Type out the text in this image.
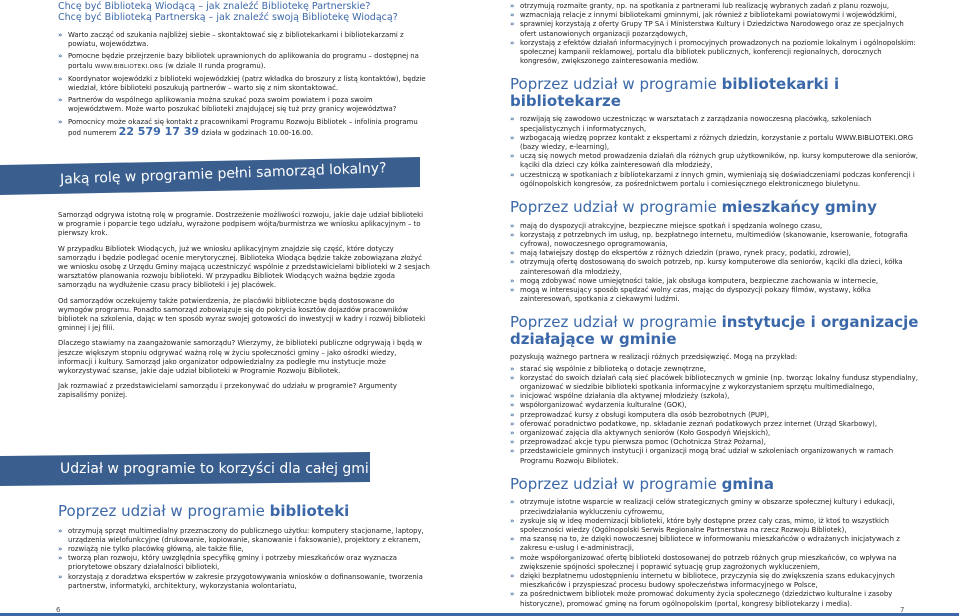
Chcę być Biblioteką Wiodącą – jak znaleźć Bibliotekę Partnerskie?
Chcę być Biblioteką Partnerską – jak znaleźć swoją Bibliotekę Wiodącą?
» Warto zacząć od szukania najbliżej siebie – skontaktować się z bibliotekarkami i bibliotekarzami z powiatu, województwa.
» Pomocne będzie przejrzenie bazy bibliotek uprawnionych do aplikowania do programu – dostępnej na portalu WWW.BIBLIOTEKI.ORG (w dziale II runda programu).
» Koordynator wojewódzki z biblioteki wojewódzkiej (patrz wkładka do broszury z listą kontaktów), będzie wiedział, które biblioteki poszukują partnerów – warto się z nim skontaktować.
» Partnerów do wspólnego aplikowania można szukać poza swoim powiatem i poza swoim województwem. Może warto poszukać biblioteki znajdującej się tuż przy granicy województwa?
» Pomocnicy może okazać się kontakt z pracownikami Programu Rozwoju Bibliotek – infolinia programu pod numerem 22 579 17 39 działa w godzinach 10.00-16.00.
Jaką rolę w programie pełni samorząd lokalny?

Samorząd odgrywa istotną rolę w programie. Dostrzeżenie możliwości rozwoju, jakie daje udział biblioteki w programie i poparcie tego udziału, wyrażone podpisem wójta/burmistrza we wniosku aplikacyjnym – to pierwszy krok.

W przypadku Bibliotek Wiodących, już we wniosku aplikacyjnym znajdzie się część, które dotyczy samorządu i będzie podlegać ocenie merytorycznej. Biblioteka Wiodąca będzie także zobowiązana złożyć we wniosku osobę z Urzędu Gminy mającą uczestniczyć wspólnie z przedstawicielami biblioteki w 2 sesjach warsztatów planowania rozwoju biblioteki. W przypadku Bibliotek Wiodących ważna będzie zgoda samorządu na wydłużenie czasu pracy biblioteki i jej placówek.

Od samorządów oczekujemy także potwierdzenia, że placówki biblioteczne będą dostosowane do wymogów programu. Ponadto samorząd zobowiązuje się do pokrycia kosztów dojazdów pracowników bibliotek na szkolenia, dając w ten sposób wyraz swojej gotowości do inwestycji w kadry i rozwój biblioteki gminnej i jej filii.

Dlaczego stawiamy na zaangażowanie samorządu? Wierzymy, że biblioteki publiczne odgrywają i będą w jeszcze większym stopniu odgrywać ważną rolę w życiu społeczności gminy – jako ośrodki wiedzy, informacji i kultury. Samorząd jako organizator odpowiedzialny za podległe mu instytucje może wykorzystywać szanse, jakie daje udział biblioteki w Programie Rozwoju Bibliotek.

Jak rozmawiać z przedstawicielami samorządu i przekonywać do udziału w programie? Argumenty zapisaliśmy poniżej.

Udział w programie to korzyści dla całej gminy
Poprzez udział w programie biblioteki
» otrzymują sprzęt multimedialny przeznaczony do publicznego użytku: komputery stacjonarne, laptopy, urządzenia wielofunkcyjne (drukowanie, kopiowanie, skanowanie i faksowanie), projektory z ekranem,
» rozwiążą nie tylko placówkę główną, ale także filie,
» tworzą plan rozwoju, który uwzględnia specyfikę gminy i potrzeby mieszkańców oraz wyznacza priorytetowe obszary działalności biblioteki,
» korzystają z doradztwa ekspertów w zakresie przygotowywania wniosków o dofinansowanie, tworzenia partnerstw, informatyki, architektury, wykorzystania wolontariatu,
6
» otrzymują rozmaite granty, np. na spotkania z partnerami lub realizację wybranych zadań z planu rozwoju,
» wzmacniają relacje z innymi bibliotekami gminnymi, jak również z bibliotekami powiatowymi i wojewódzkimi,
» sprawniej korzystają z oferty Grupy TP SA i Ministerstwa Kultury i Dziedzictwa Narodowego oraz ze specjalnych ofert ustanowionych organizacji pozarządowych,
» korzystają z efektów działań informacyjnych i promocyjnych prowadzonych na poziomie lokalnym i ogólnopolskim: społecznej kampanii reklamowej, portalu dla bibliotek publicznych, konferencji regionalnych, dorocznych kongresów, zwiększonego zainteresowania mediów.
Poprzez udział w programie bibliotekarki i bibliotekarze
» rozwijają się zawodowo uczestnicząc w warsztatach z zarządzania nowoczesną placówką, szkoleniach specjalistycznych i informatycznych,
» wzbogacają wiedzę poprzez kontakt z ekspertami z różnych dziedzin, korzystanie z portalu WWW.BIBLIOTEKI.ORG (bazy wiedzy, e-learning),
» uczą się nowych metod prowadzenia działań dla różnych grup użytkowników, np. kursy komputerowe dla seniorów, kąciki dla dzieci czy kółka zainteresowań dla młodzieży,
» uczestniczą w spotkaniach z bibliotekarzami z innych gmin, wymieniają się doświadczeniami podczas konferencji i ogólnopolskich kongresów, za pośrednictwem portalu i comiesięcznego elektronicznego biuletynu.
Poprzez udział w programie mieszkańcy gminy
» mają do dyspozycji atrakcyjne, bezpieczne miejsce spotkań i spędzania wolnego czasu,
» korzystają z potrzebnych im usług, np. bezpłatnego internetu, multimediów (skanowanie, kserowanie, fotografia cyfrowa), nowoczesnego oprogramowania,
» mają łatwiejszy dostęp do ekspertów z różnych dziedzin (prawo, rynek pracy, podatki, zdrowie),
» otrzymują ofertę dostosowaną do swoich potrzeb, np. kursy komputerowe dla seniorów, kąciki dla dzieci, kółka zainteresowań dla młodzieży,
» mogą zdobywać nowe umiejętności takie, jak obsługa komputera, bezpieczne zachowania w internecie,
» mogą w interesujący sposób spędzać wolny czas, mając do dyspozycji pokazy filmów, wystawy, kółka zainteresowań, spotkania z ciekawymi ludźmi.
Poprzez udział w programie instytucje i organizacje działające w gminie

pozyskują ważnego partnera w realizacji różnych przedsięwzięć. Mogą na przykład:

» starać się wspólnie z biblioteką o dotacje zewnętrzne,
» korzystać do swoich działań całą sieć placówek bibliotecznych w gminie (np. tworząc lokalny fundusz stypendialny, organizować w siedzibie biblioteki spotkania informacyjne z wykorzystaniem sprzętu multimedialnego,
» inicjować wspólne działania dla aktywnej młodzieży (szkoła),
» współorganizować wydarzenia kulturalne (GOK),
» przeprowadzać kursy z obsługi komputera dla osób bezrobotnych (PUP),
» oferować poradnictwo podatkowe, np. składanie zeznań podatkowych przez internet (Urząd Skarbowy),
» organizować zajęcia dla aktywnych seniorów (Koło Gospodyń Wiejskich),
» przeprowadzać akcje typu pierwsza pomoc (Ochotnicza Straż Pożarna),
» przedstawiciele gminnych instytucji i organizacji mogą brać udział w szkoleniach organizowanych w ramach Programu Rozwoju Bibliotek.
Poprzez udział w programie gmina
» otrzymuje istotne wsparcie w realizacji celów strategicznych gminy w obszarze społecznej kultury i edukacji, przeciwdziałania wykluczeniu cyfrowemu,
» zyskuje się w ideę modernizacji biblioteki, które były dostępne przez cały czas, mimo, iż ktoś to wszystkich społeczności wiedzy (Ogólnopolski Serwis Regionalne Partnerstwa na rzecz Rozwoju Bibliotek),
» ma szansę na to, że dzięki nowoczesnej bibliotece w informowaniu mieszkańców o wdrażanych inicjatywach z zakresu e-usług i e-administracji,
» może współorganizować ofertę biblioteki dostosowanej do potrzeb różnych grup mieszkańców, co wpływa na zwiększenie spójności społecznej i poprawić sytuację grup zagrożonych wykluczeniem,
» dzięki bezpłatnemu udostępnieniu internetu w bibliotece, przyczynia się do zwiększenia szans edukacyjnych mieszkańców i przyspieszać procesu budowy społeczeństwa informacyjnego w Polsce,
» za pośrednictwem bibliotek może promować dokumenty życia społecznego (dziedzictwo kulturalne i zasoby historyczne), promować gminę na forum ogólnopolskim (portal, kongresy bibliotekarzy i media).
7
